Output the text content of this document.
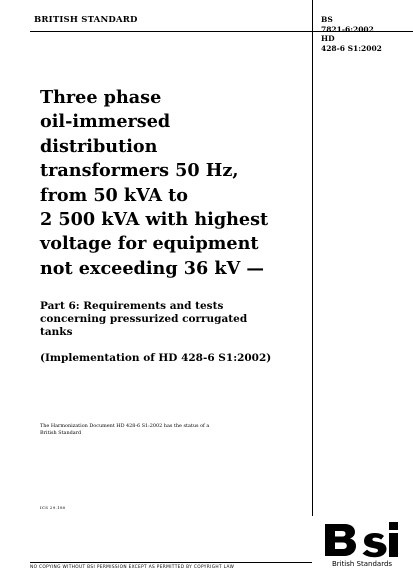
BRITISH STANDARD	BS
7821-6:2002
HD
428-6 S1:2002
Three phase
oil-immersed
distribution
transformers 50 Hz,
from 50 kVA to
2 500 kVA with highest
voltage for equipment
not exceeding 36 kV —
Part 6: Requirements and tests
concerning pressurized corrugated
tanks
(Implementation of HD 428-6 S1:2002)
The Harmonization Document HD 428-6 S1:2002 has the status of a
British Standard
ICS 29.180
NO COPYING WITHOUT BSI PERMISSION EXCEPT AS PERMITTED BY COPYRIGHT LAW	British Standards
